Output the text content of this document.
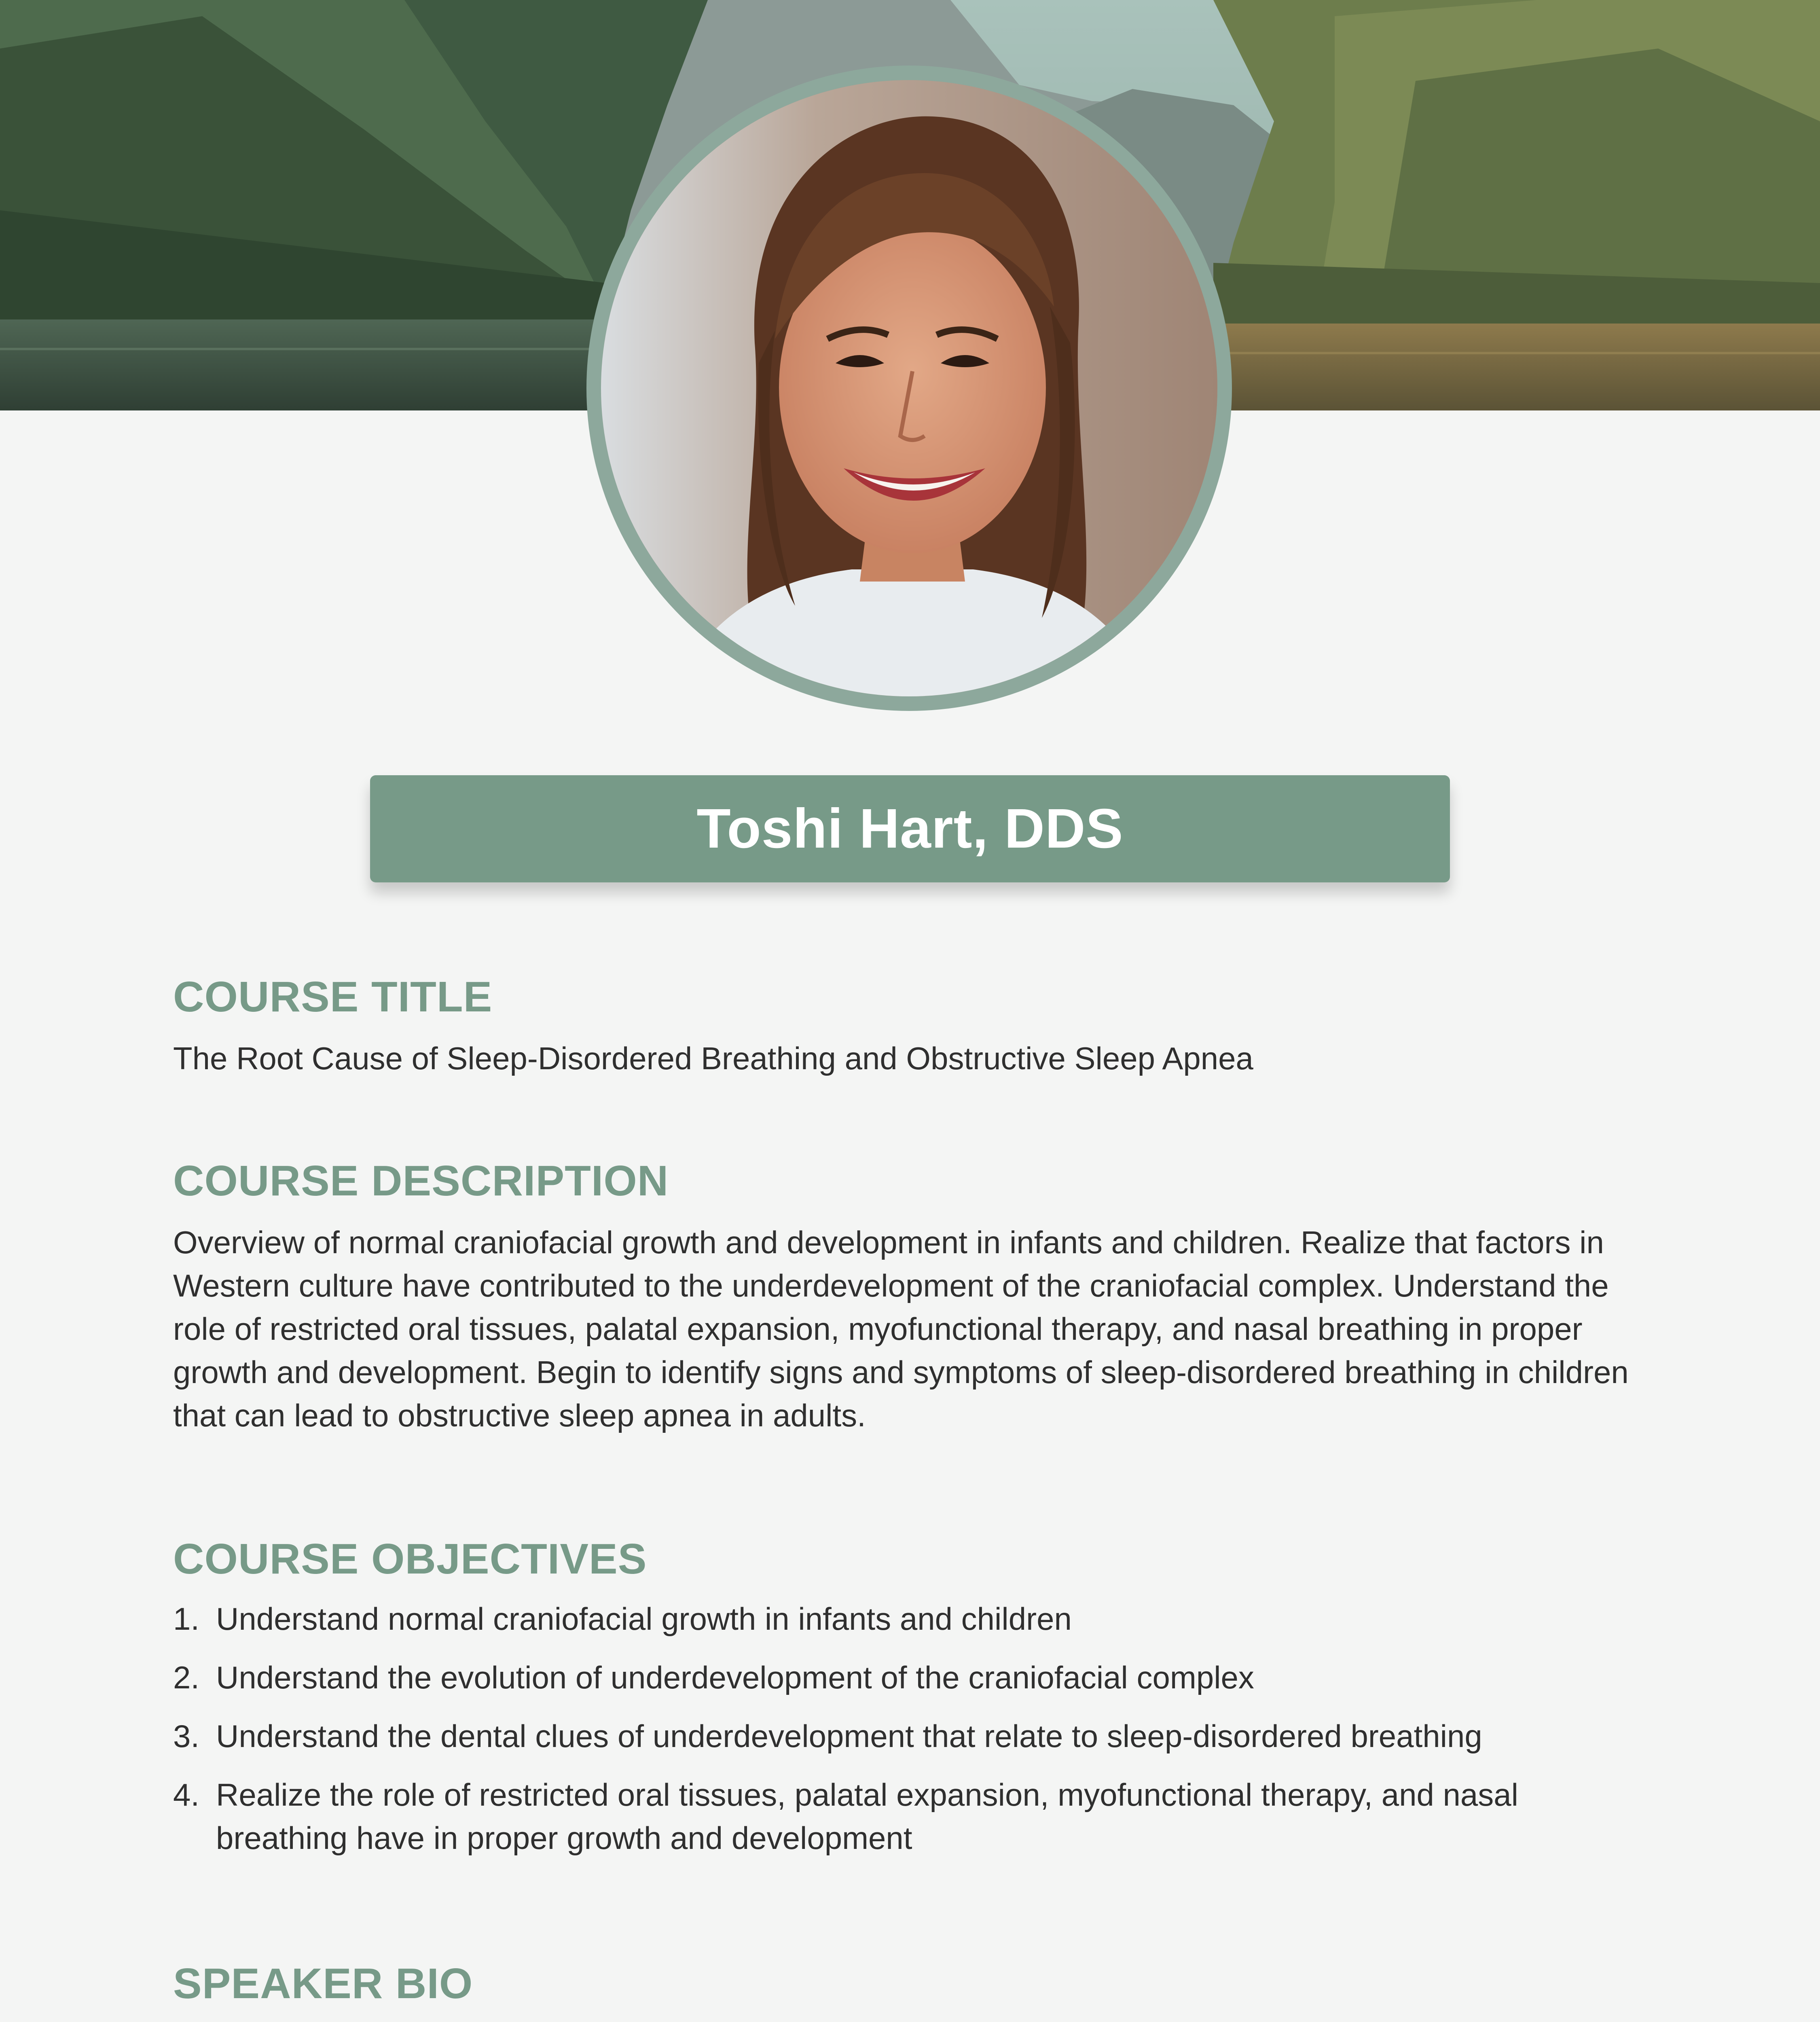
Toshi Hart, DDS
COURSE TITLE

The Root Cause of Sleep-Disordered Breathing and Obstructive Sleep Apnea

COURSE DESCRIPTION

Overview of normal craniofacial growth and development in infants and children. Realize that factors in Western culture have contributed to the underdevelopment of the craniofacial complex. Understand the role of restricted oral tissues, palatal expansion, myofunctional therapy, and nasal breathing in proper growth and development. Begin to identify signs and symptoms of sleep-disordered breathing in children that can lead to obstructive sleep apnea in adults.

COURSE OBJECTIVES
1. Understand normal craniofacial growth in infants and children
2. Understand the evolution of underdevelopment of the craniofacial complex
3. Understand the dental clues of underdevelopment that relate to sleep-disordered breathing
4. Realize the role of restricted oral tissues, palatal expansion, myofunctional therapy, and nasal breathing have in proper growth and development
SPEAKER BIO
